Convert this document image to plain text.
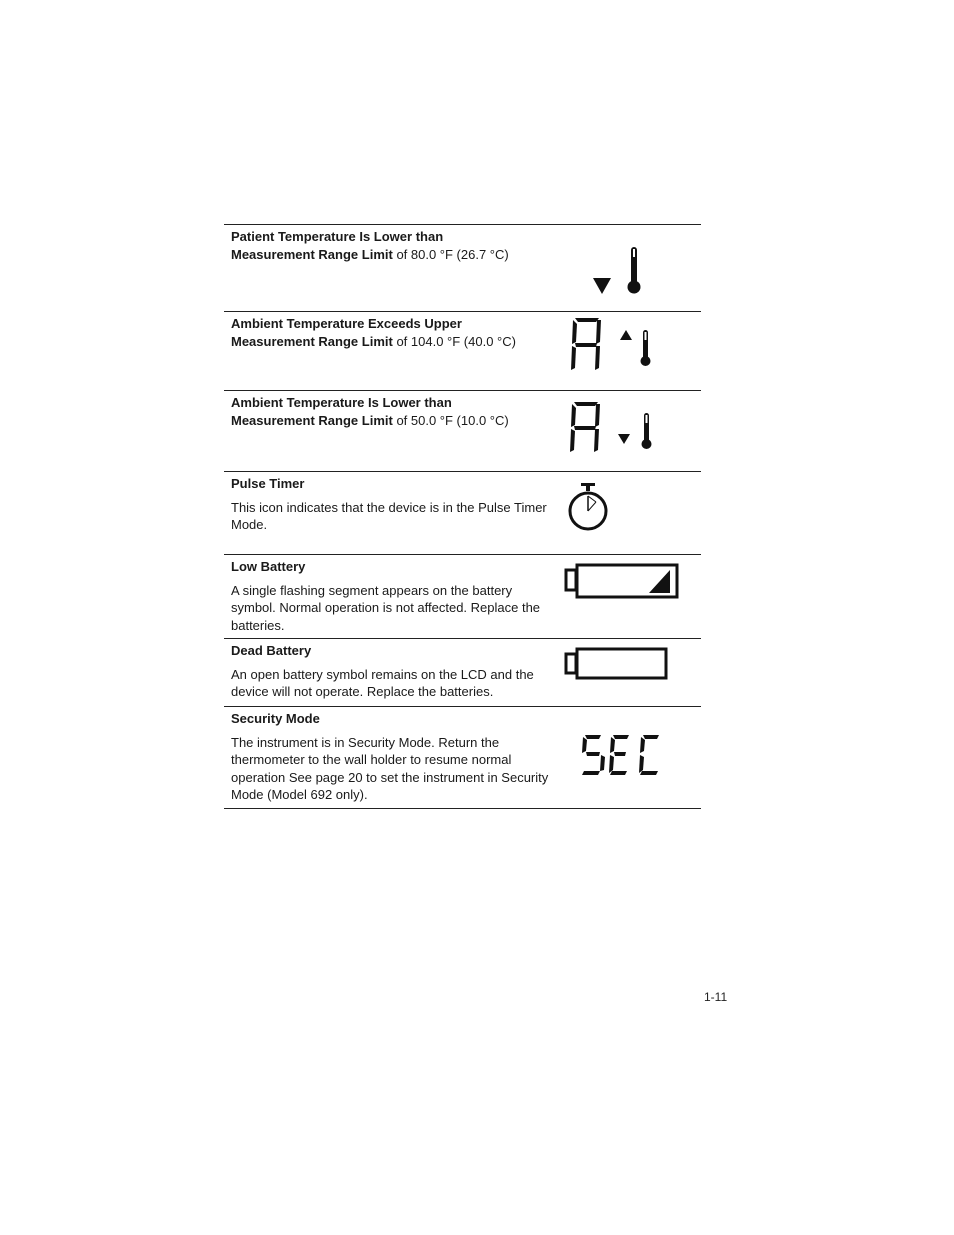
Patient Temperature Is Lower than
Measurement Range Limit of 80.0 °F (26.7 °C)
Ambient Temperature Exceeds Upper
Measurement Range Limit of 104.0 °F (40.0 °C)
Ambient Temperature Is Lower than
Measurement Range Limit of 50.0 °F (10.0 °C)
Pulse Timer
This icon indicates that the device is in the Pulse Timer Mode.
Low Battery
A single flashing segment appears on the battery symbol. Normal operation is not affected. Replace the batteries.
Dead Battery
An open battery symbol remains on the LCD and the device will not operate. Replace the batteries.
Security Mode
The instrument is in Security Mode. Return the thermometer to the wall holder to resume normal operation See page 20 to set the instrument in Security Mode (Model 692 only).
1-11
